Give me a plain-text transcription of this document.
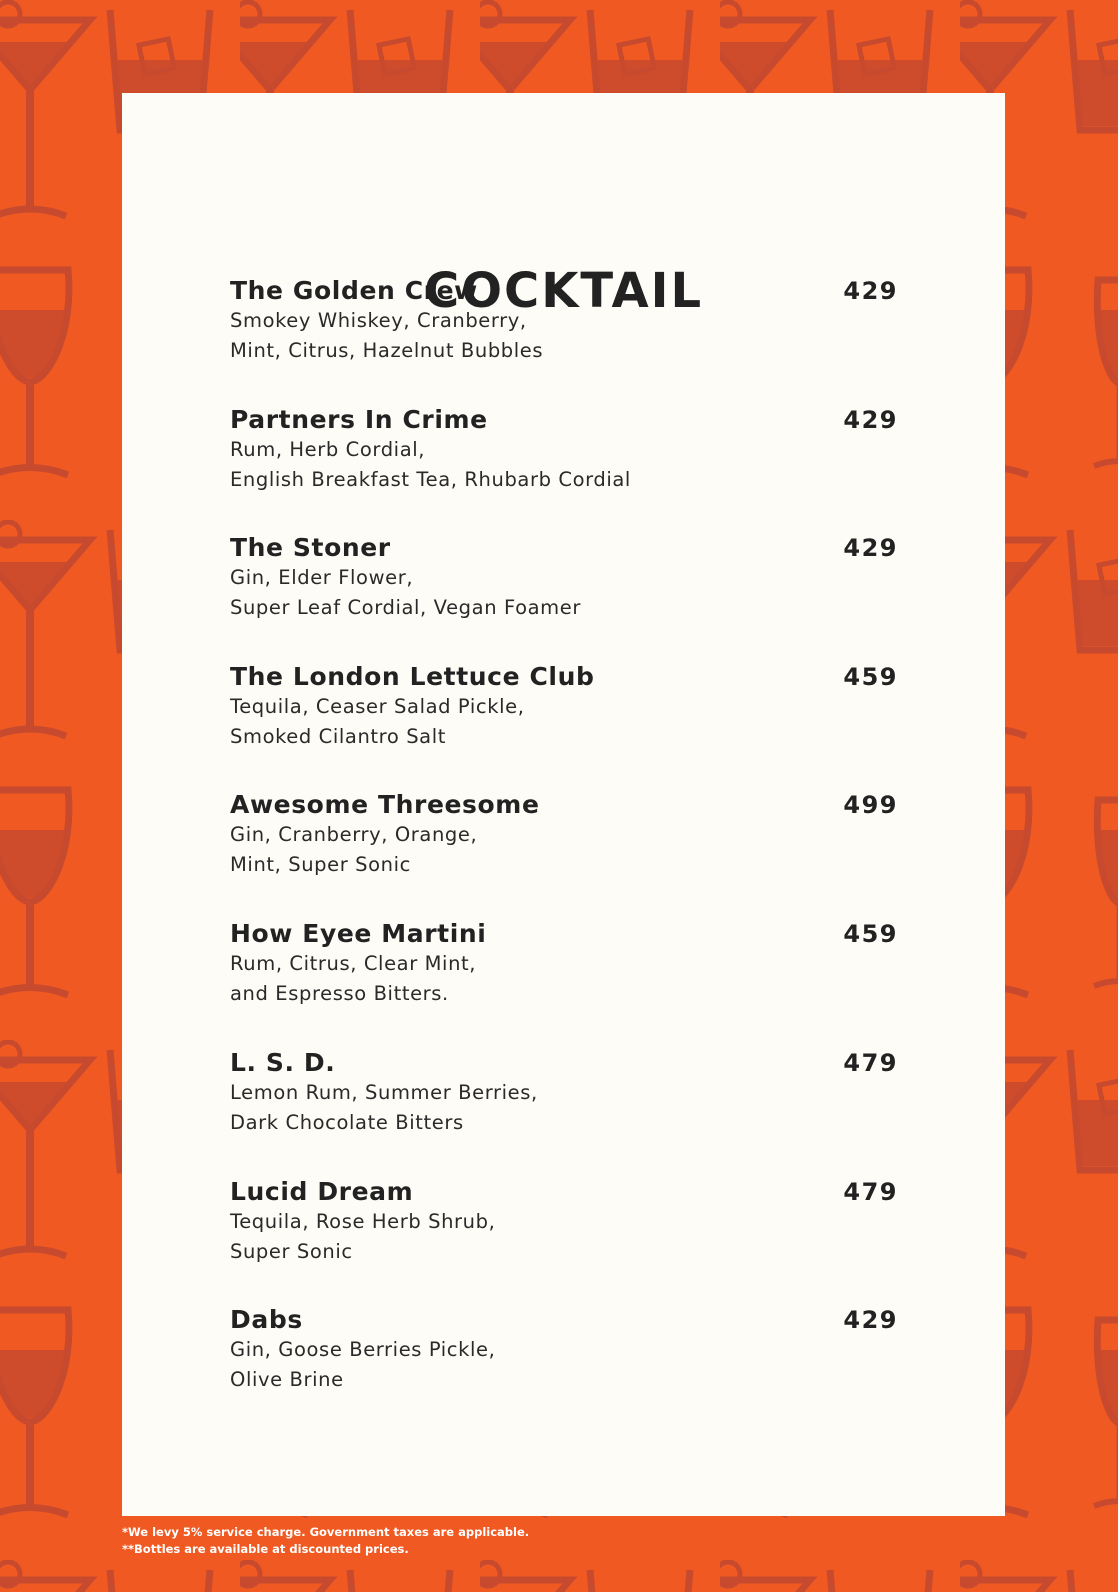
COCKTAIL
The Golden Crew	429
Smokey Whiskey, Cranberry,
Mint, Citrus, Hazelnut Bubbles
Partners In Crime	429
Rum, Herb Cordial,
English Breakfast Tea, Rhubarb Cordial
The Stoner	429
Gin, Elder Flower,
Super Leaf Cordial, Vegan Foamer
The London Lettuce Club	459
Tequila, Ceaser Salad Pickle,
Smoked Cilantro Salt
Awesome Threesome	499
Gin, Cranberry, Orange,
Mint, Super Sonic
How Eyee Martini	459
Rum, Citrus, Clear Mint,
and Espresso Bitters.
L. S. D.	479
Lemon Rum, Summer Berries,
Dark Chocolate Bitters
Lucid Dream	479
Tequila, Rose Herb Shrub,
Super Sonic
Dabs	429
Gin, Goose Berries Pickle,
Olive Brine
*We levy 5% service charge. Government taxes are applicable.
**Bottles are available at discounted prices.
